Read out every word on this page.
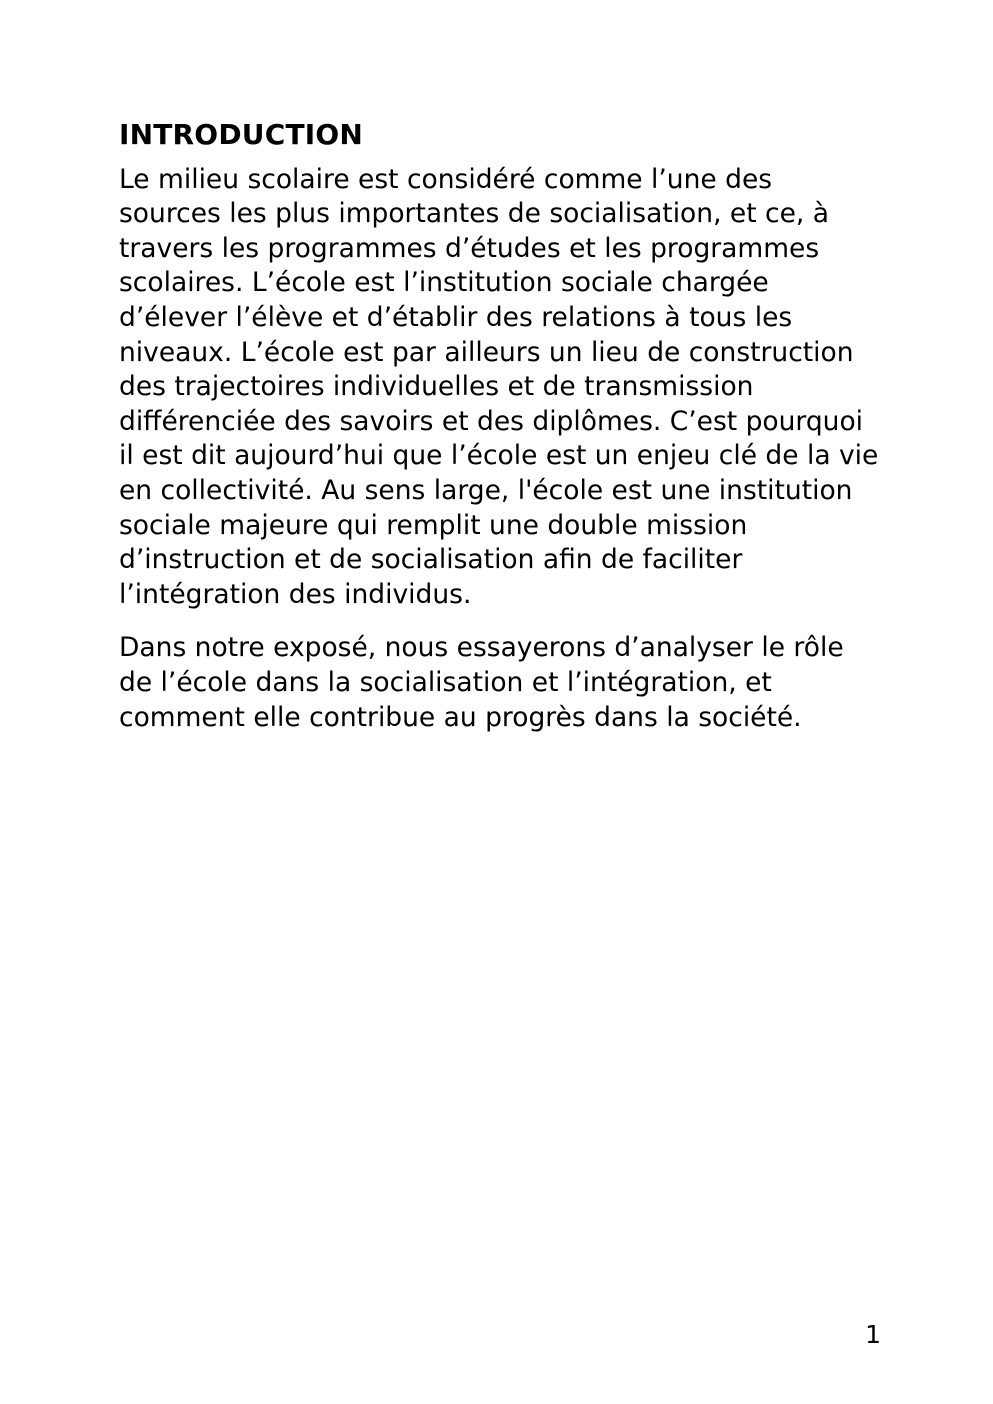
INTRODUCTION

Le milieu scolaire est considéré comme l’une des sources les plus importantes de socialisation, et ce, à travers les programmes d’études et les programmes scolaires. L’école est l’institution sociale chargée d’élever l’élève et d’établir des relations à tous les niveaux. L’école est par ailleurs un lieu de construction des trajectoires individuelles et de transmission différenciée des savoirs et des diplômes. C’est pourquoi il est dit aujourd’hui que l’école est un enjeu clé de la vie en collectivité. Au sens large, l'école est une institution sociale majeure qui remplit une double mission d’instruction et de socialisation afin de faciliter l’intégration des individus.

Dans notre exposé, nous essayerons d’analyser le rôle de l’école dans la socialisation et l’intégration, et comment elle contribue au progrès dans la société.

1
